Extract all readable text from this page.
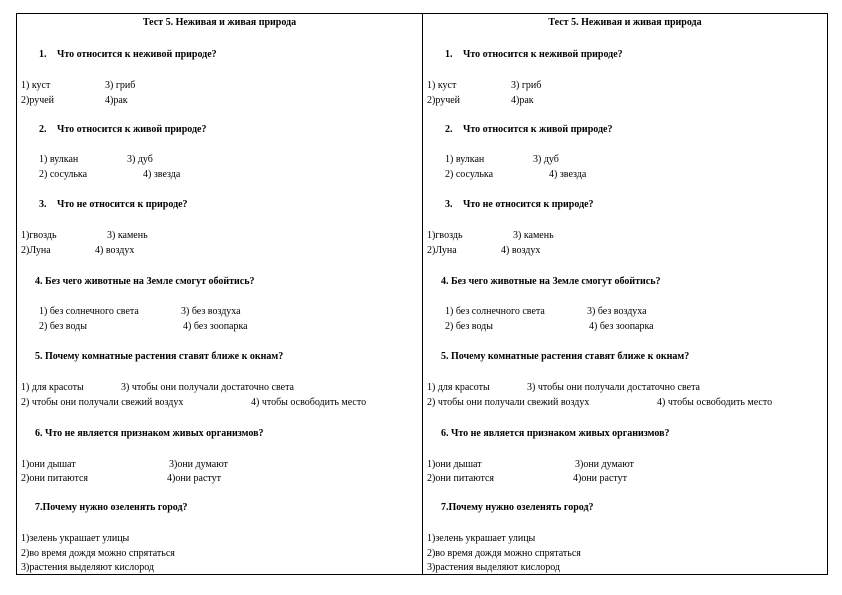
Тест 5. Неживая и живая природа
1. Что относится к неживой природе?
1) куст	3) гриб
2)ручей	4)рак
2. Что относится к живой природе?
1) вулкан	3) дуб
2) сосулька	4) звезда
3. Что не относится к природе?
1)гвоздь	3) камень
2)Луна	4) воздух
4. Без чего животные на Земле смогут обойтись?
1) без солнечного света	3) без воздуха
2) без воды	4) без зоопарка
5. Почему комнатные растения ставят ближе к окнам?
1) для красоты	3) чтобы они получали достаточно света
2) чтобы они получали свежий воздух	4) чтобы освободить место
6. Что не является признаком живых организмов?
1)они дышат	3)они думают
2)они питаются	4)они растут
7.Почему нужно озеленять город?
1)зелень украшает улицы
2)во время дождя можно спрятаться
3)растения выделяют кислород
Тест 5. Неживая и живая природа
1. Что относится к неживой природе?
1) куст	3) гриб
2)ручей	4)рак
2. Что относится к живой природе?
1) вулкан	3) дуб
2) сосулька	4) звезда
3. Что не относится к природе?
1)гвоздь	3) камень
2)Луна	4) воздух
4. Без чего животные на Земле смогут обойтись?
1) без солнечного света	3) без воздуха
2) без воды	4) без зоопарка
5. Почему комнатные растения ставят ближе к окнам?
1) для красоты	3) чтобы они получали достаточно света
2) чтобы они получали свежий воздух	4) чтобы освободить место
6. Что не является признаком живых организмов?
1)они дышат	3)они думают
2)они питаются	4)они растут
7.Почему нужно озеленять город?
1)зелень украшает улицы
2)во время дождя можно спрятаться
3)растения выделяют кислород
